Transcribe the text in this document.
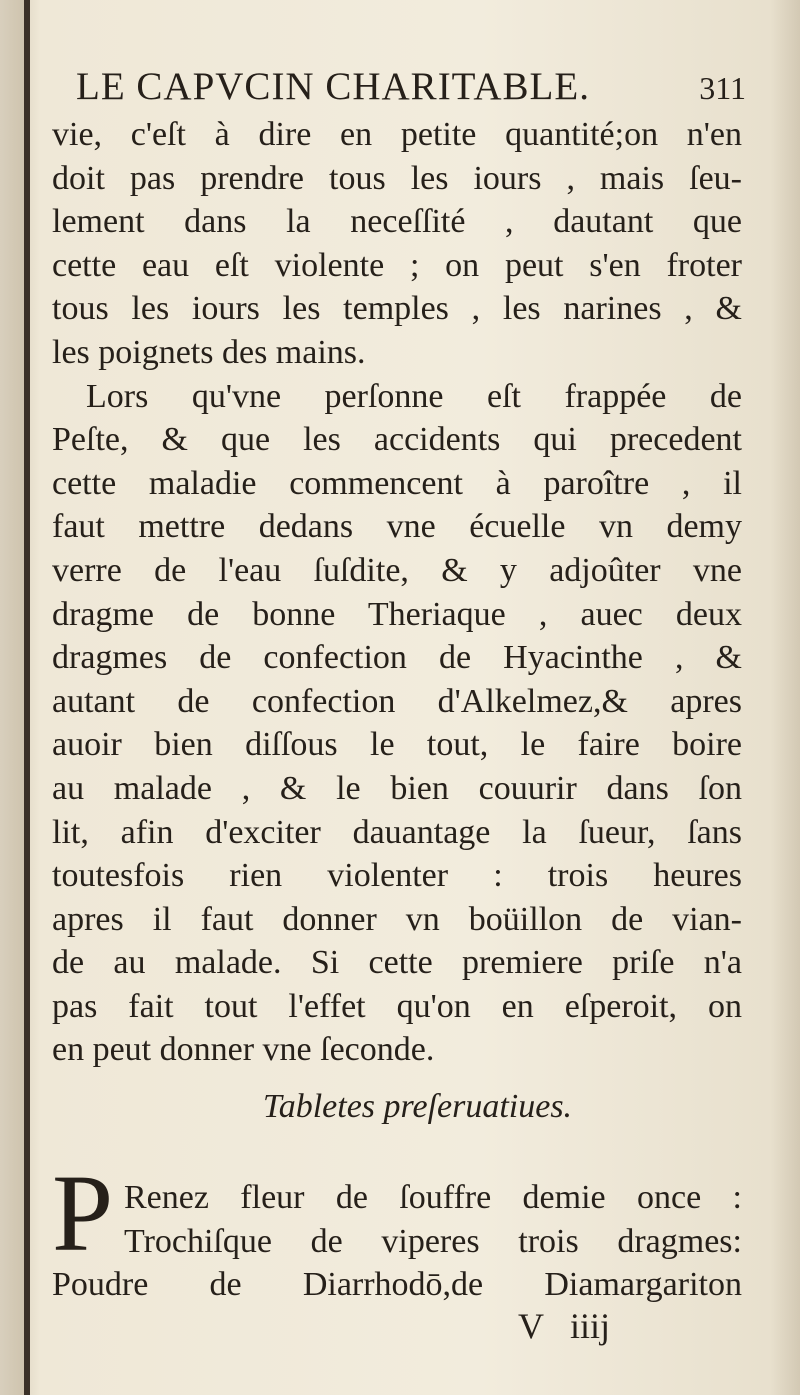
LE CAPVCIN CHARITABLE.	311
vie, c'eſt à dire en petite quantité;on n'en
doit pas prendre tous les iours , mais ſeu-
lement dans la neceſſité , dautant que
cette eau eſt violente ; on peut s'en froter
tous les iours les temples , les narines , &
les poignets des mains.
Lors qu'vne perſonne eſt frappée de
Peſte, & que les accidents qui precedent
cette maladie commencent à paroître , il
faut mettre dedans vne écuelle vn demy
verre de l'eau ſuſdite, & y adjoûter vne
dragme de bonne Theriaque , auec deux
dragmes de confection de Hyacinthe , &
autant de confection d'Alkelmez,& apres
auoir bien diſſous le tout, le faire boire
au malade , & le bien couurir dans ſon
lit, afin d'exciter dauantage la ſueur, ſans
toutesfois rien violenter : trois heures
apres il faut donner vn boüillon de vian-
de au malade. Si cette premiere priſe n'a
pas fait tout l'effet qu'on en eſperoit, on
en peut donner vne ſeconde.
Tabletes preſeruatiues.
P Renez fleur de ſouffre demie once :
Trochiſque de viperes trois dragmes:
Poudre de Diarrhodō,de Diamargariton
V iiij
